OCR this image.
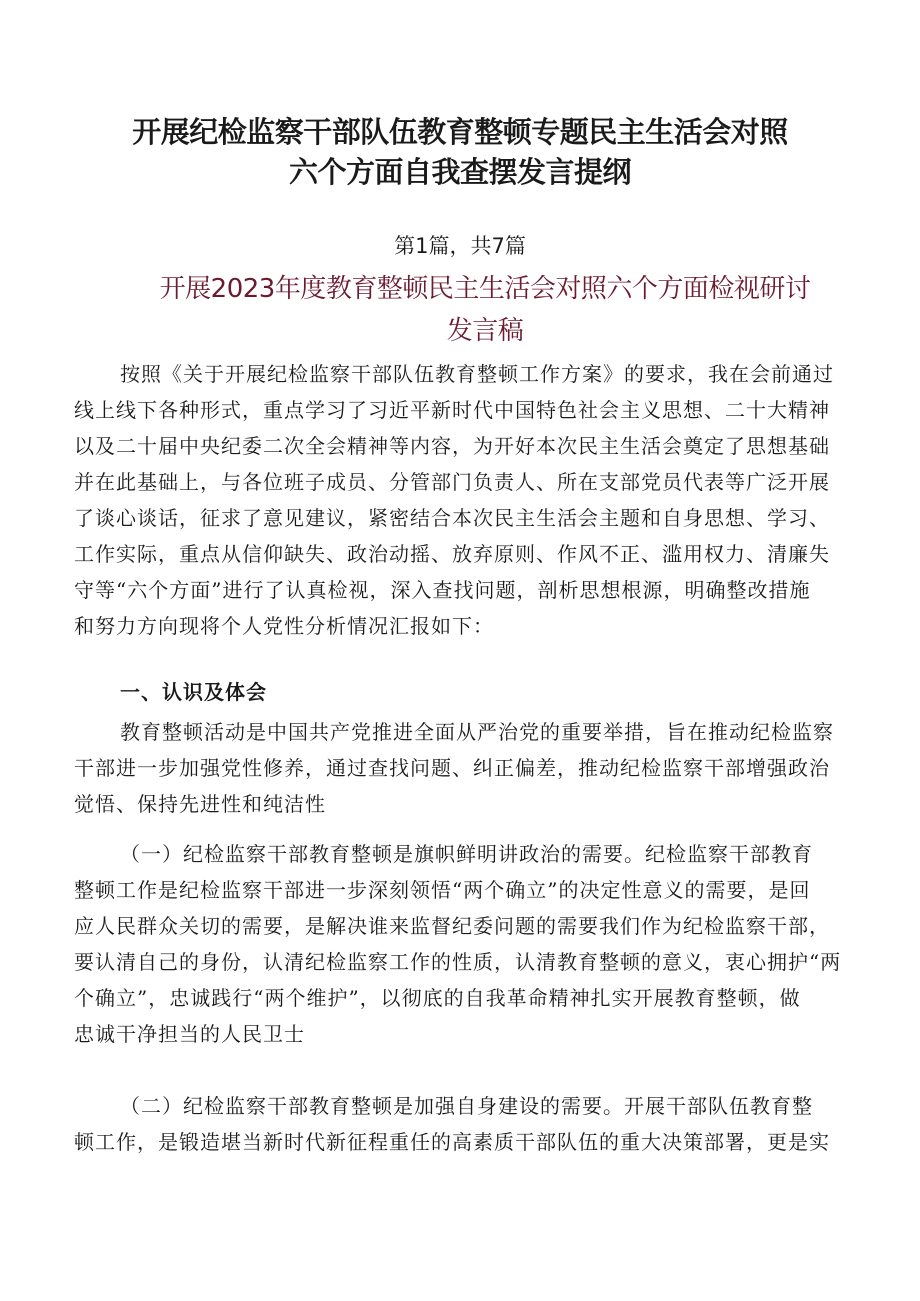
开展纪检监察干部队伍教育整顿专题民主生活会对照
六个方面自我查摆发言提纲
第1篇，共7篇
开展2023年度教育整顿民主生活会对照六个方面检视研讨
发言稿
按照《关于开展纪检监察干部队伍教育整顿工作方案》的要求，我在会前通过
线上线下各种形式，重点学习了习近平新时代中国特色社会主义思想、二十大精神
以及二十届中央纪委二次全会精神等内容，为开好本次民主生活会奠定了思想基础
并在此基础上，与各位班子成员、分管部门负责人、所在支部党员代表等广泛开展
了谈心谈话，征求了意见建议，紧密结合本次民主生活会主题和自身思想、学习、
工作实际，重点从信仰缺失、政治动摇、放弃原则、作风不正、滥用权力、清廉失
守等“六个方面”进行了认真检视，深入查找问题，剖析思想根源，明确整改措施
和努力方向现将个人党性分析情况汇报如下：
一、认识及体会
教育整顿活动是中国共产党推进全面从严治党的重要举措，旨在推动纪检监察
干部进一步加强党性修养，通过查找问题、纠正偏差，推动纪检监察干部增强政治
觉悟、保持先进性和纯洁性
（一）纪检监察干部教育整顿是旗帜鲜明讲政治的需要。纪检监察干部教育
整顿工作是纪检监察干部进一步深刻领悟“两个确立”的决定性意义的需要，是回
应人民群众关切的需要，是解决谁来监督纪委问题的需要我们作为纪检监察干部，
要认清自己的身份，认清纪检监察工作的性质，认清教育整顿的意义，衷心拥护“两
个确立”，忠诚践行“两个维护”，以彻底的自我革命精神扎实开展教育整顿，做
忠诚干净担当的人民卫士
（二）纪检监察干部教育整顿是加强自身建设的需要。开展干部队伍教育整
顿工作，是锻造堪当新时代新征程重任的高素质干部队伍的重大决策部署，更是实
